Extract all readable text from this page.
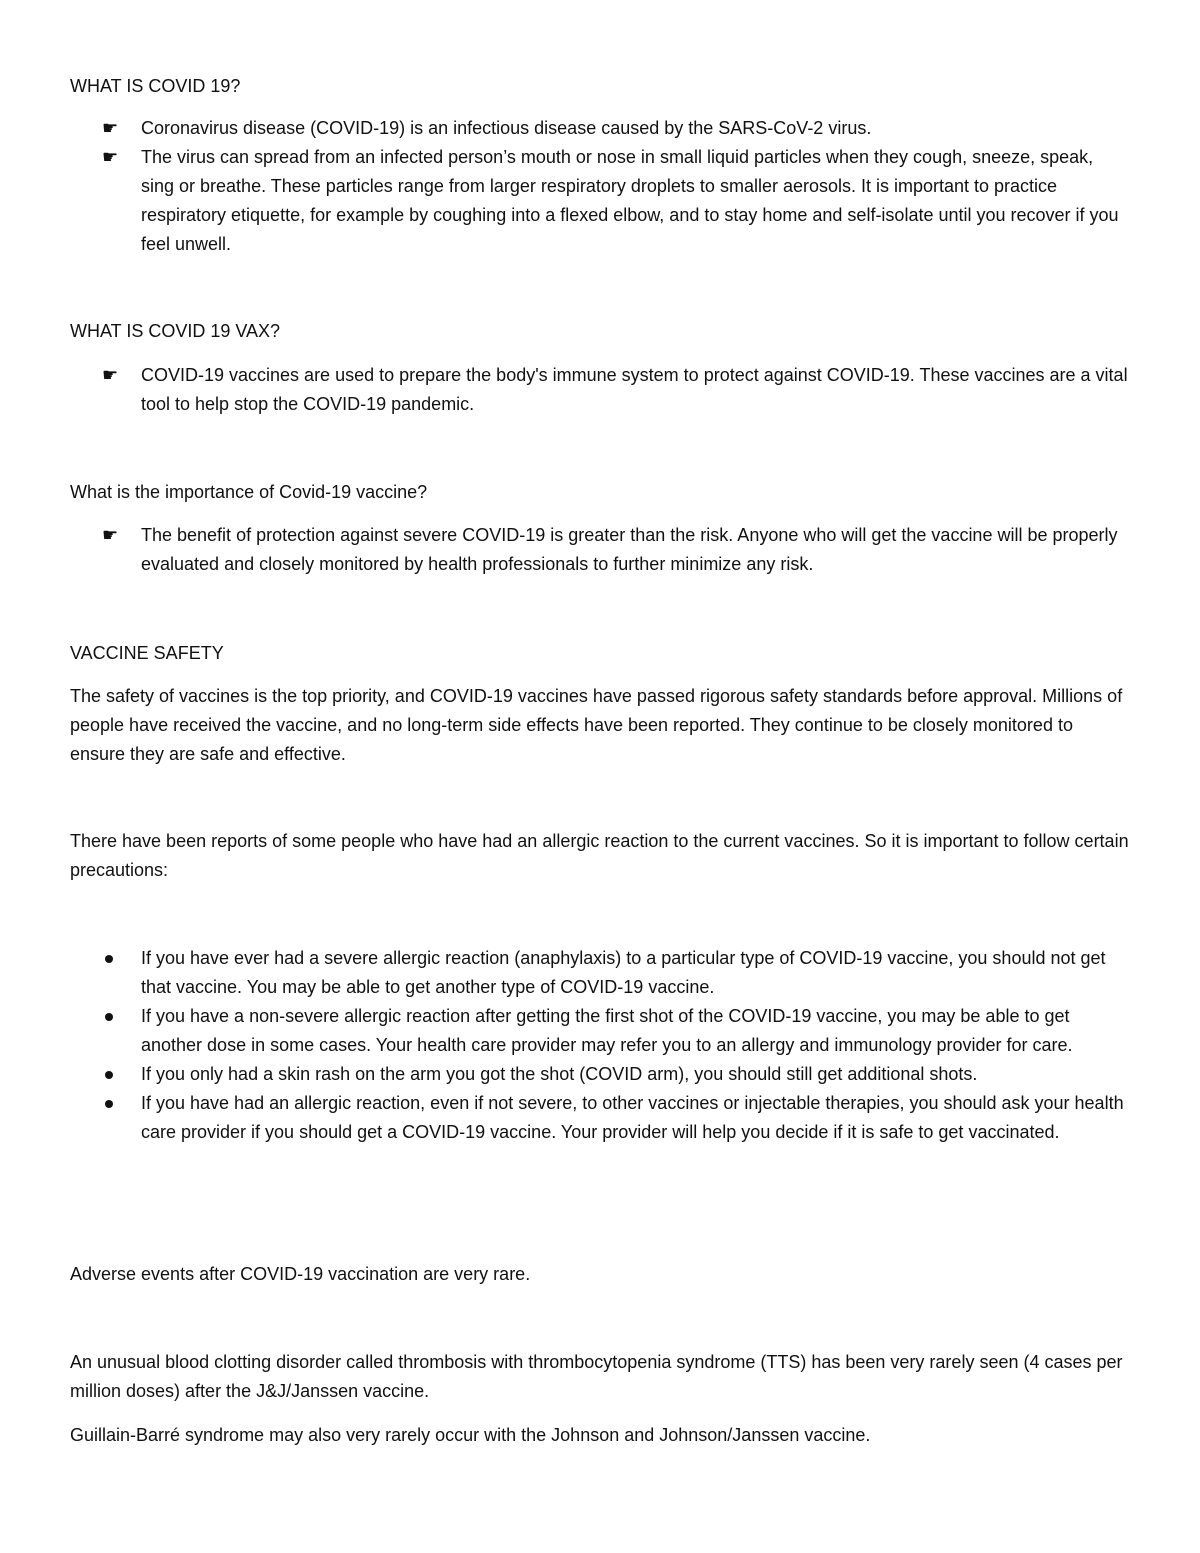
WHAT IS COVID 19?

☛ Coronavirus disease (COVID-19) is an infectious disease caused by the SARS-CoV-2 virus.
☛ The virus can spread from an infected person’s mouth or nose in small liquid particles when they cough, sneeze, speak, sing or breathe. These particles range from larger respiratory droplets to smaller aerosols. It is important to practice respiratory etiquette, for example by coughing into a flexed elbow, and to stay home and self-isolate until you recover if you feel unwell.

WHAT IS COVID 19 VAX?

☛ COVID-19 vaccines are used to prepare the body's immune system to protect against COVID-19. These vaccines are a vital tool to help stop the COVID-19 pandemic.

What is the importance of Covid-19 vaccine?

☛ The benefit of protection against severe COVID-19 is greater than the risk. Anyone who will get the vaccine will be properly evaluated and closely monitored by health professionals to further minimize any risk.

VACCINE SAFETY

The safety of vaccines is the top priority, and COVID-19 vaccines have passed rigorous safety standards before approval. Millions of people have received the vaccine, and no long-term side effects have been reported. They continue to be closely monitored to ensure they are safe and effective.

There have been reports of some people who have had an allergic reaction to the current vaccines. So it is important to follow certain precautions:

If you have ever had a severe allergic reaction (anaphylaxis) to a particular type of COVID-19 vaccine, you should not get that vaccine. You may be able to get another type of COVID-19 vaccine.
If you have a non-severe allergic reaction after getting the first shot of the COVID-19 vaccine, you may be able to get another dose in some cases. Your health care provider may refer you to an allergy and immunology provider for care.
If you only had a skin rash on the arm you got the shot (COVID arm), you should still get additional shots.
If you have had an allergic reaction, even if not severe, to other vaccines or injectable therapies, you should ask your health care provider if you should get a COVID-19 vaccine. Your provider will help you decide if it is safe to get vaccinated.

Adverse events after COVID-19 vaccination are very rare.

An unusual blood clotting disorder called thrombosis with thrombocytopenia syndrome (TTS) has been very rarely seen (4 cases per million doses) after the J&J/Janssen vaccine.

Guillain-Barré syndrome may also very rarely occur with the Johnson and Johnson/Janssen vaccine.
